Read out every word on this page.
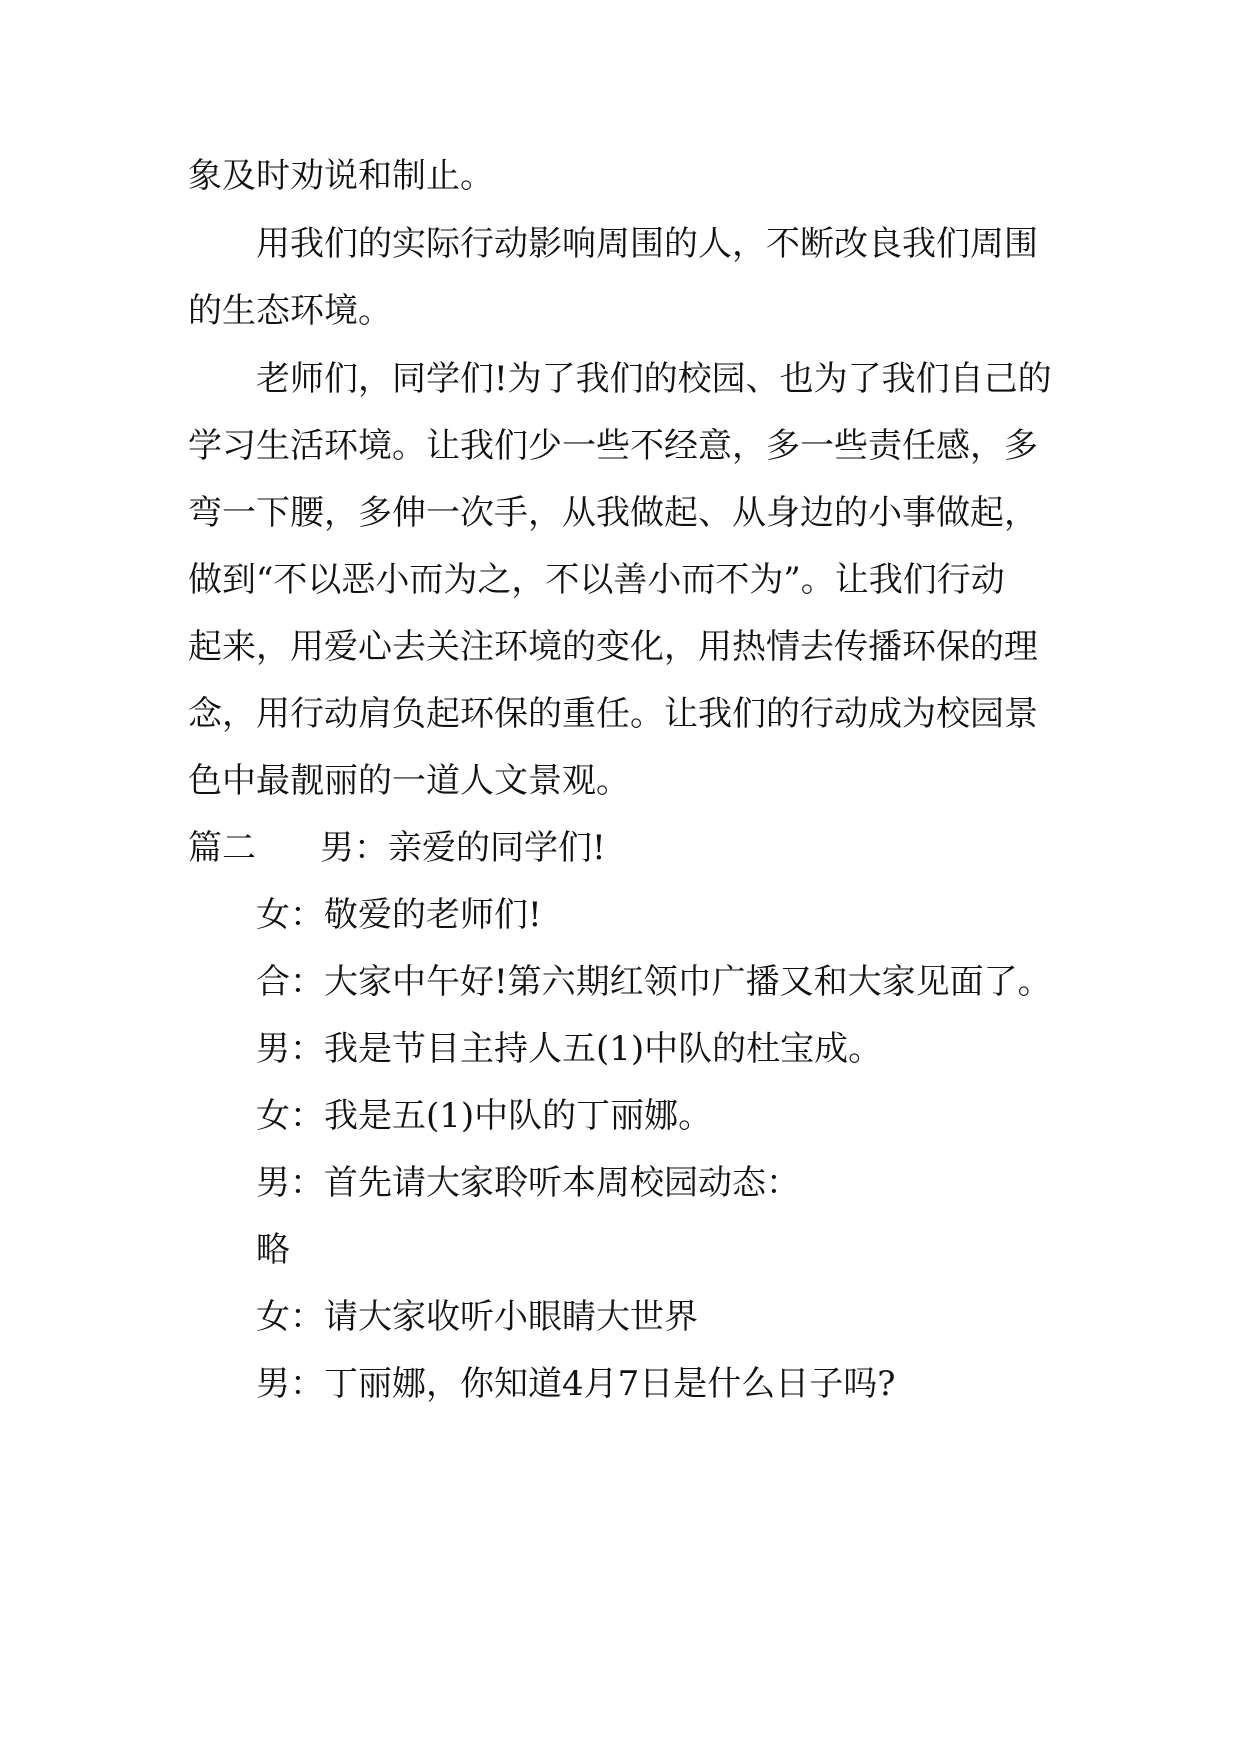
象及时劝说和制止。
用我们的实际行动影响周围的人，不断改良我们周围
的生态环境。
老师们，同学们!为了我们的校园、也为了我们自己的
学习生活环境。让我们少一些不经意，多一些责任感，多
弯一下腰，多伸一次手，从我做起、从身边的小事做起，
做到“不以恶小而为之，不以善小而不为”。让我们行动
起来，用爱心去关注环境的变化，用热情去传播环保的理
念，用行动肩负起环保的重任。让我们的行动成为校园景
色中最靓丽的一道人文景观。
篇二 男：亲爱的同学们!
女：敬爱的老师们!
合：大家中午好!第六期红领巾广播又和大家见面了。
男：我是节目主持人五(1)中队的杜宝成。
女：我是五(1)中队的丁丽娜。
男：首先请大家聆听本周校园动态：
略
女：请大家收听小眼睛大世界
男：丁丽娜，你知道4月7日是什么日子吗?
